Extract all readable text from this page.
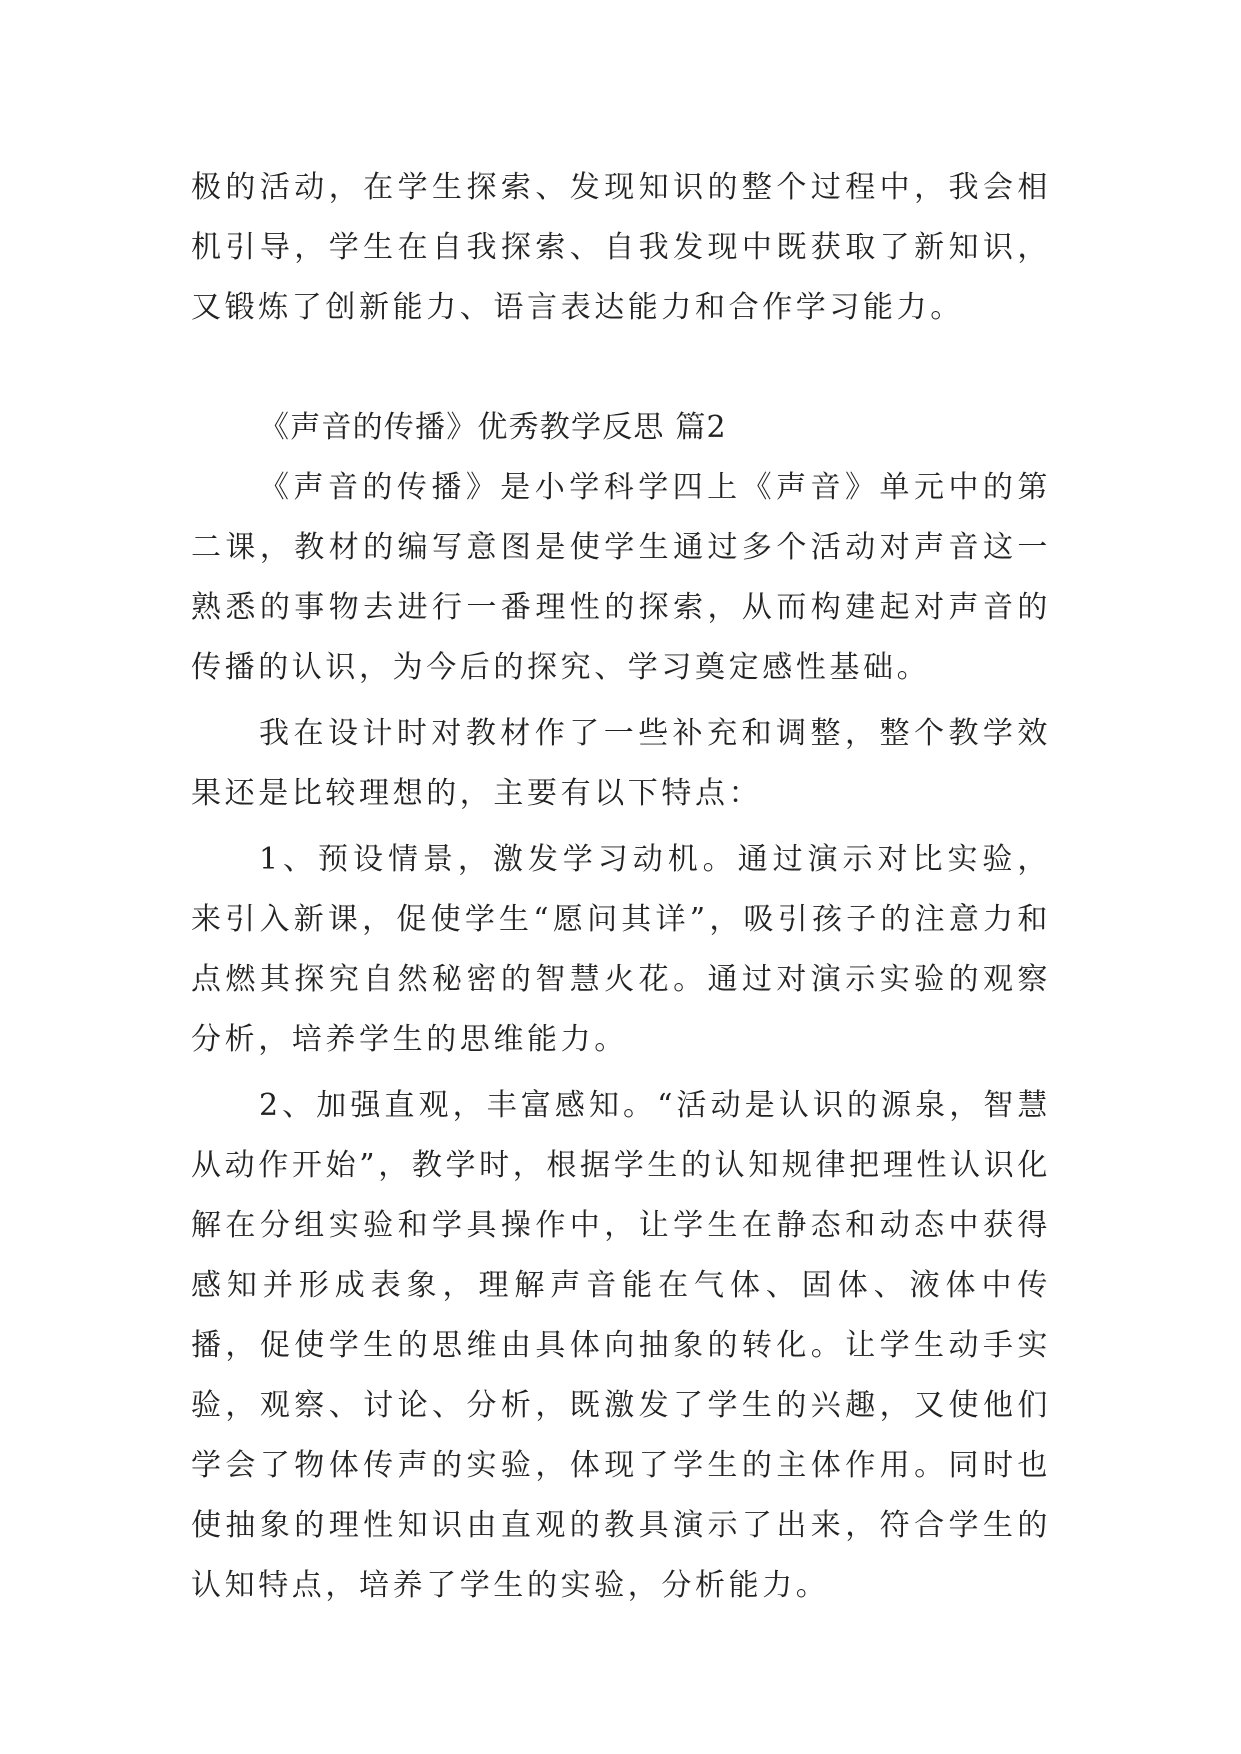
极的活动，在学生探索、发现知识的整个过程中，我会相机引导，学生在自我探索、自我发现中既获取了新知识，又锻炼了创新能力、语言表达能力和合作学习能力。

《声音的传播》优秀教学反思 篇2

《声音的传播》是小学科学四上《声音》单元中的第二课，教材的编写意图是使学生通过多个活动对声音这一熟悉的事物去进行一番理性的探索，从而构建起对声音的传播的认识，为今后的探究、学习奠定感性基础。

我在设计时对教材作了一些补充和调整，整个教学效果还是比较理想的，主要有以下特点：

1、预设情景，激发学习动机。通过演示对比实验，来引入新课，促使学生“愿问其详”，吸引孩子的注意力和点燃其探究自然秘密的智慧火花。通过对演示实验的观察分析，培养学生的思维能力。

2、加强直观，丰富感知。“活动是认识的源泉，智慧从动作开始”，教学时，根据学生的认知规律把理性认识化解在分组实验和学具操作中，让学生在静态和动态中获得感知并形成表象，理解声音能在气体、固体、液体中传播，促使学生的思维由具体向抽象的转化。让学生动手实验，观察、讨论、分析，既激发了学生的兴趣，又使他们学会了物体传声的实验，体现了学生的主体作用。同时也使抽象的理性知识由直观的教具演示了出来，符合学生的认知特点，培养了学生的实验，分析能力。
